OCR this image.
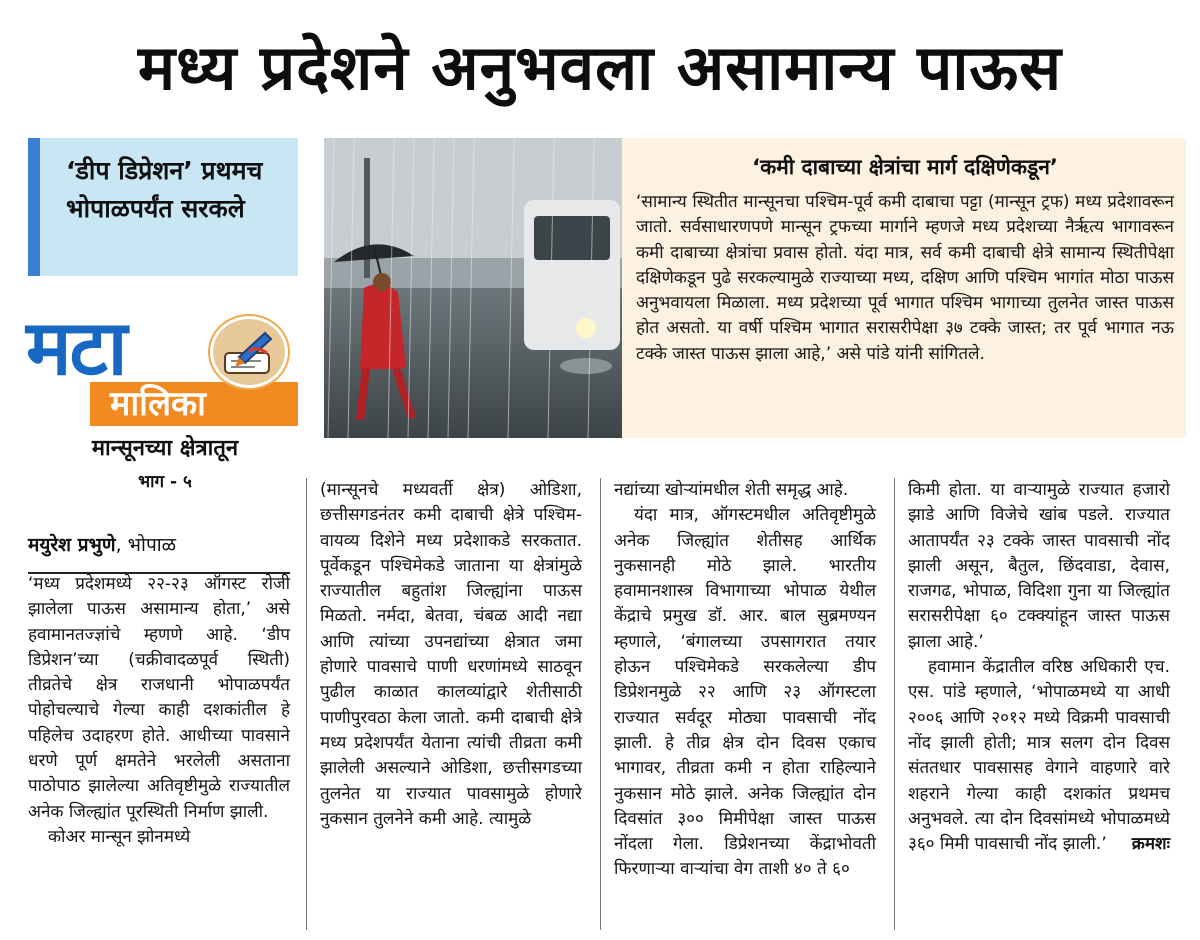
मध्य प्रदेशने अनुभवला असामान्य पाऊस
‘डीप डिप्रेशन’ प्रथमच भोपाळपर्यंत सरकले
मटा
मालिका
मान्सूनच्या क्षेत्रातून
भाग - ५
मयुरेश प्रभुणे, भोपाळ
‘कमी दाबाच्या क्षेत्रांचा मार्ग दक्षिणेकडून’
‘सामान्य स्थितीत मान्सूनचा पश्चिम-पूर्व कमी दाबाचा पट्टा (मान्सून ट्रफ) मध्य प्रदेशावरून जातो. सर्वसाधारणपणे मान्सून ट्रफच्या मार्गाने म्हणजे मध्य प्रदेशच्या नैर्ऋत्य भागावरून कमी दाबाच्या क्षेत्रांचा प्रवास होतो. यंदा मात्र, सर्व कमी दाबाची क्षेत्रे सामान्य स्थितीपेक्षा दक्षिणेकडून पुढे सरकल्यामुळे राज्याच्या मध्य, दक्षिण आणि पश्चिम भागांत मोठा पाऊस अनुभवायला मिळाला. मध्य प्रदेशच्या पूर्व भागात पश्चिम भागाच्या तुलनेत जास्त पाऊस होत असतो. या वर्षी पश्चिम भागात सरासरीपेक्षा ३७ टक्के जास्त; तर पूर्व भागात नऊ टक्के जास्त पाऊस झाला आहे,’ असे पांडे यांनी सांगितले.

‘मध्य प्रदेशमध्ये २२-२३ ऑगस्ट रोजी झालेला पाऊस असामान्य होता,’ असे हवामानतज्ज्ञांचे म्हणणे आहे. ‘डीप डिप्रेशन’च्या (चक्रीवादळपूर्व स्थिती) तीव्रतेचे क्षेत्र राजधानी भोपाळपर्यंत पोहोचल्याचे गेल्या काही दशकांतील हे पहिलेच उदाहरण होते. आधीच्या पावसाने धरणे पूर्ण क्षमतेने भरलेली असताना पाठोपाठ झालेल्या अतिवृष्टीमुळे राज्यातील अनेक जिल्ह्यांत पूरस्थिती निर्माण झाली.

कोअर मान्सून झोनमध्ये

(मान्सूनचे मध्यवर्ती क्षेत्र) ओडिशा, छत्तीसगडनंतर कमी दाबाची क्षेत्रे पश्चिम-वायव्य दिशेने मध्य प्रदेशाकडे सरकतात. पूर्वेकडून पश्चिमेकडे जाताना या क्षेत्रांमुळे राज्यातील बहुतांश जिल्ह्यांना पाऊस मिळतो. नर्मदा, बेतवा, चंबळ आदी नद्या आणि त्यांच्या उपनद्यांच्या क्षेत्रात जमा होणारे पावसाचे पाणी धरणांमध्ये साठवून पुढील काळात कालव्यांद्वारे शेतीसाठी पाणीपुरवठा केला जातो. कमी दाबाची क्षेत्रे मध्य प्रदेशपर्यंत येताना त्यांची तीव्रता कमी झालेली असल्याने ओडिशा, छत्तीसगडच्या तुलनेत या राज्यात पावसामुळे होणारे नुकसान तुलनेने कमी आहे. त्यामुळे

नद्यांच्या खोऱ्यांमधील शेती समृद्ध आहे.

यंदा मात्र, ऑगस्टमधील अतिवृष्टीमुळे अनेक जिल्ह्यांत शेतीसह आर्थिक नुकसानही मोठे झाले. भारतीय हवामानशास्त्र विभागाच्या भोपाळ येथील केंद्राचे प्रमुख डॉ. आर. बाल सुब्रमण्यन म्हणाले, ‘बंगालच्या उपसागरात तयार होऊन पश्चिमेकडे सरकलेल्या डीप डिप्रेशनमुळे २२ आणि २३ ऑगस्टला राज्यात सर्वदूर मोठ्या पावसाची नोंद झाली. हे तीव्र क्षेत्र दोन दिवस एकाच भागावर, तीव्रता कमी न होता राहिल्याने नुकसान मोठे झाले. अनेक जिल्ह्यांत दोन दिवसांत ३०० मिमीपेक्षा जास्त पाऊस नोंदला गेला. डिप्रेशनच्या केंद्राभोवती फिरणाऱ्या वाऱ्यांचा वेग ताशी ४० ते ६०

किमी होता. या वाऱ्यामुळे राज्यात हजारो झाडे आणि विजेचे खांब पडले. राज्यात आतापर्यंत २३ टक्के जास्त पावसाची नोंद झाली असून, बैतुल, छिंदवाडा, देवास, राजगढ, भोपाळ, विदिशा गुना या जिल्ह्यांत सरासरीपेक्षा ६० टक्क्यांहून जास्त पाऊस झाला आहे.’

हवामान केंद्रातील वरिष्ठ अधिकारी एच. एस. पांडे म्हणाले, ‘भोपाळमध्ये या आधी २००६ आणि २०१२ मध्ये विक्रमी पावसाची नोंद झाली होती; मात्र सलग दोन दिवस संततधार पावसासह वेगाने वाहणारे वारे शहराने गेल्या काही दशकांत प्रथमच अनुभवले. त्या दोन दिवसांमध्ये भोपाळमध्ये ३६० मिमी पावसाची नोंद झाली.’	क्रमशः
